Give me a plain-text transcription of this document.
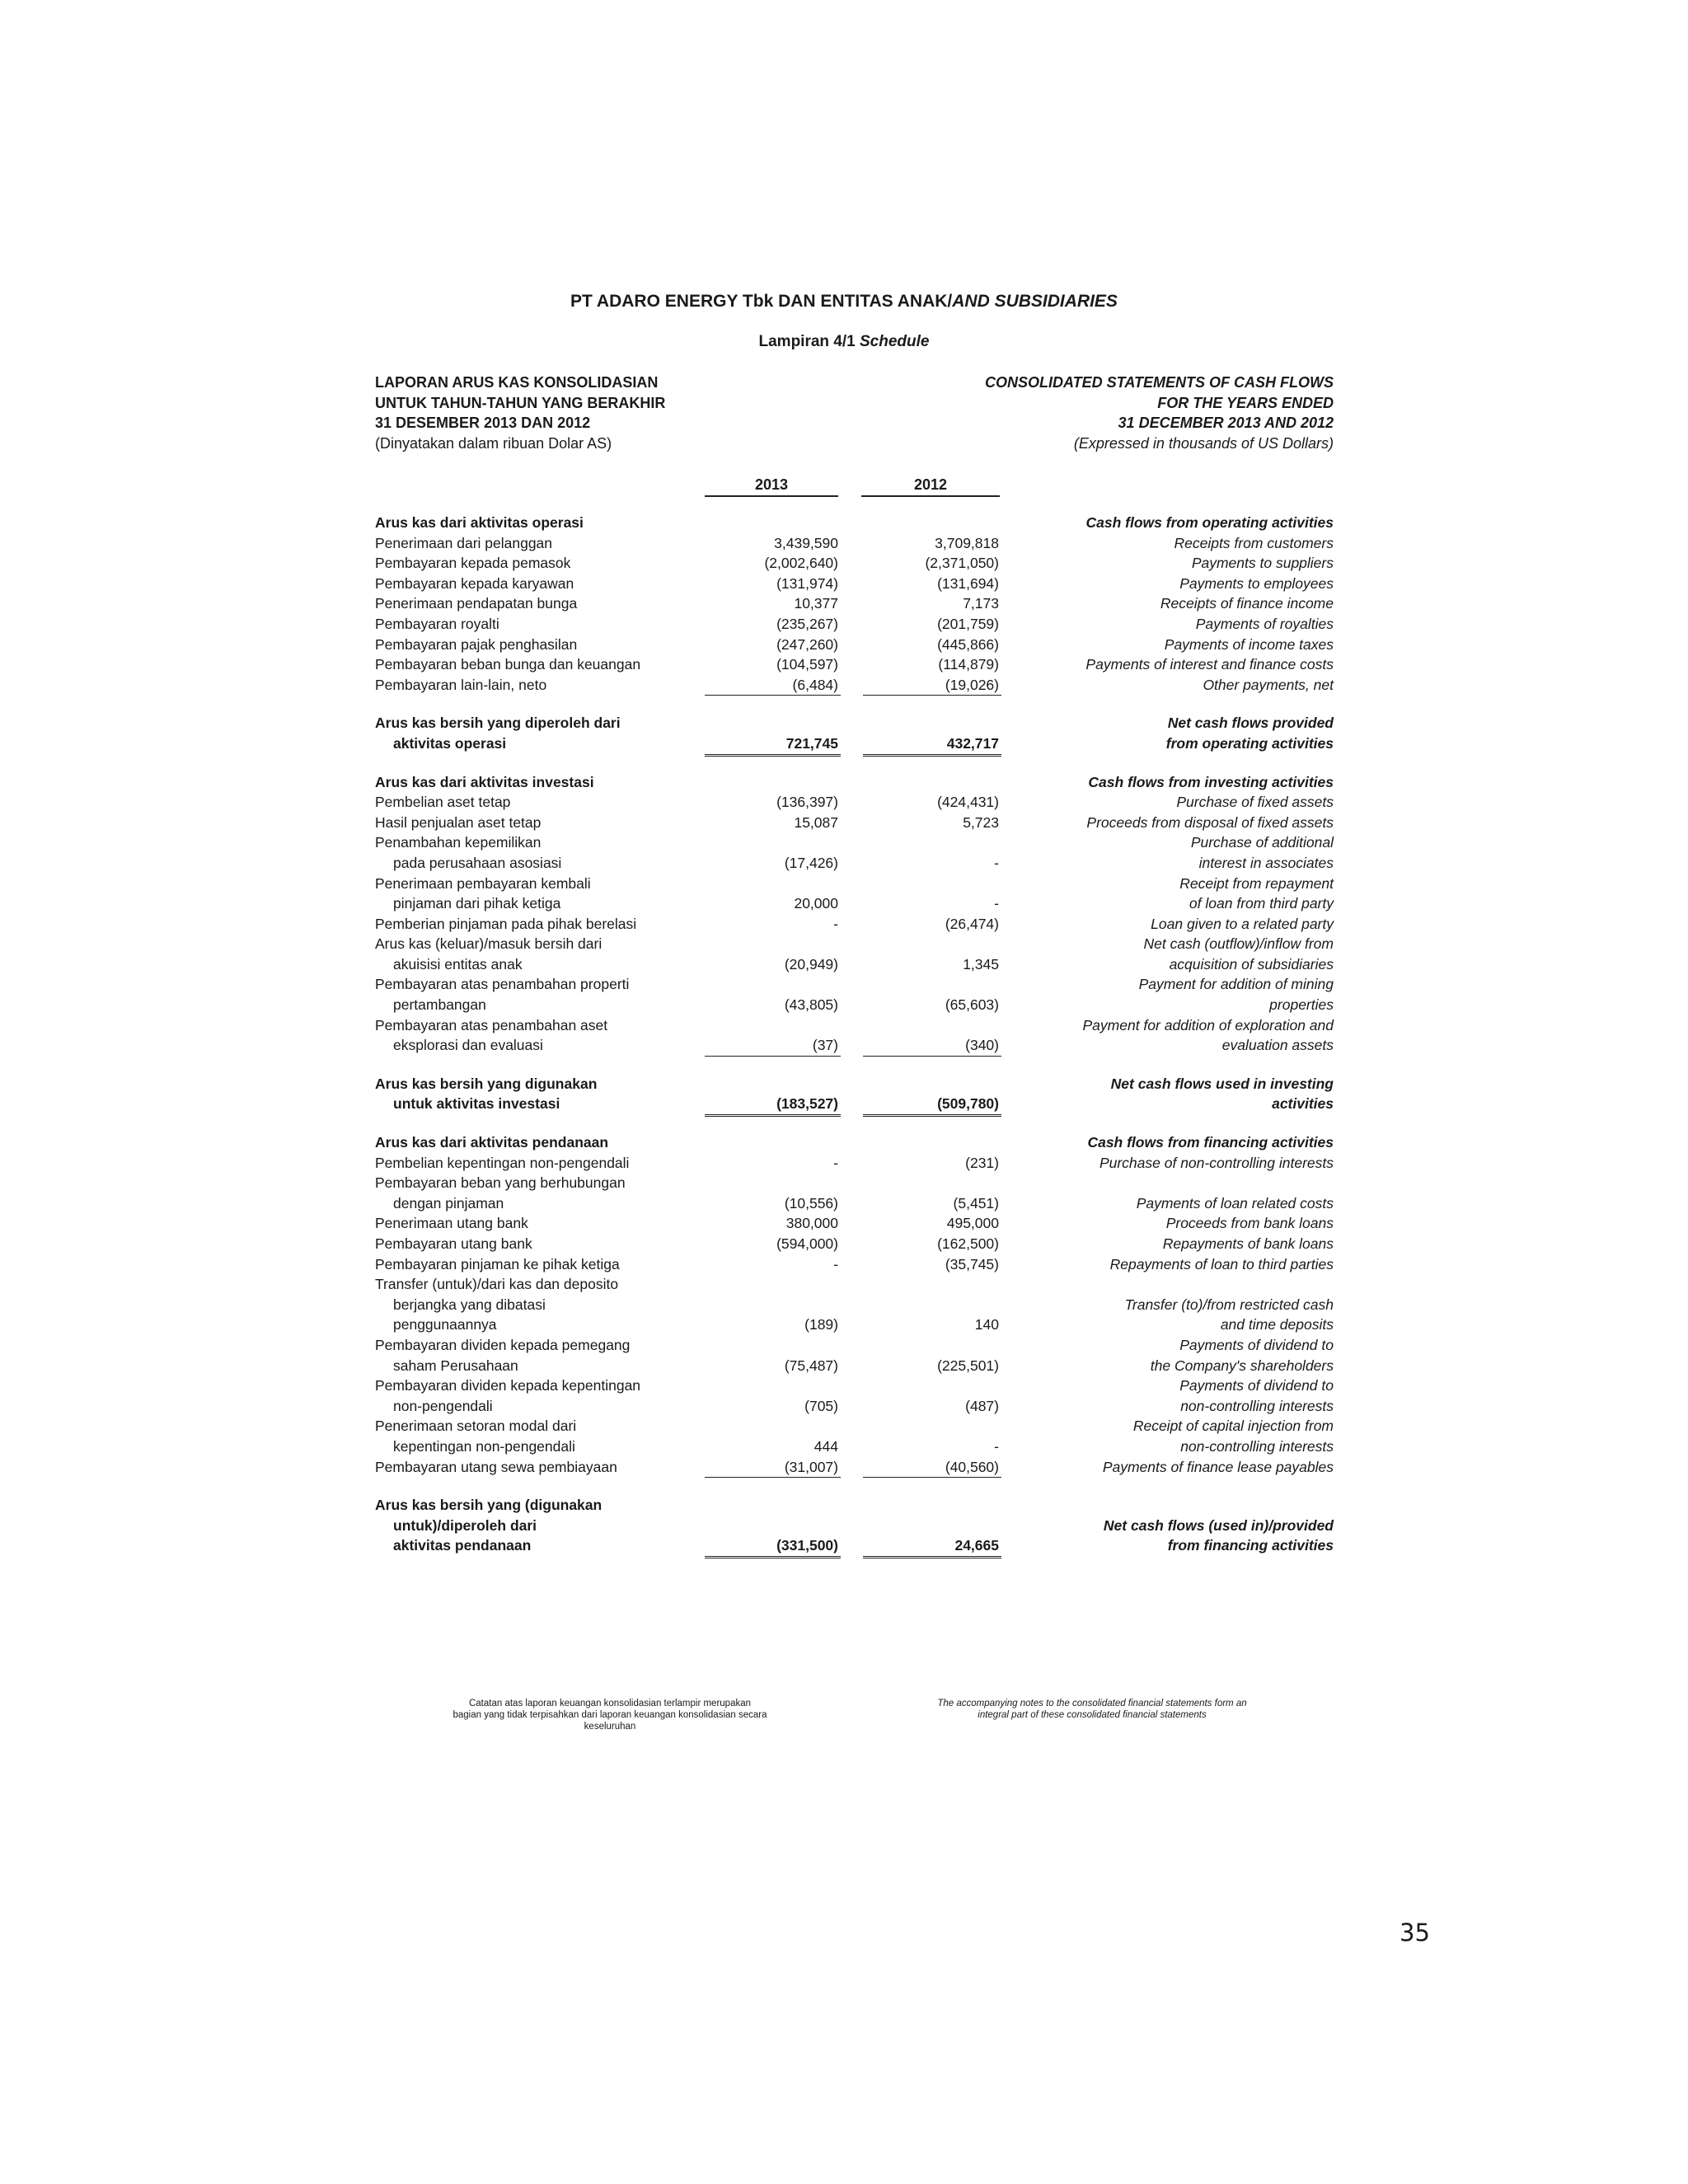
PT ADARO ENERGY Tbk DAN ENTITAS ANAK/AND SUBSIDIARIES
Lampiran 4/1 Schedule
LAPORAN ARUS KAS KONSOLIDASIAN
UNTUK TAHUN-TAHUN YANG BERAKHIR
31 DESEMBER 2013 DAN 2012
(Dinyatakan dalam ribuan Dolar AS)
CONSOLIDATED STATEMENTS OF CASH FLOWS
FOR THE YEARS ENDED
31 DECEMBER 2013 AND 2012
(Expressed in thousands of US Dollars)
2013	2012
Arus kas dari aktivitas operasi	Cash flows from operating activities
Penerimaan dari pelanggan	3,439,590	3,709,818	Receipts from customers
Pembayaran kepada pemasok	(2,002,640)	(2,371,050)	Payments to suppliers
Pembayaran kepada karyawan	(131,974)	(131,694)	Payments to employees
Penerimaan pendapatan bunga	10,377	7,173	Receipts of finance income
Pembayaran royalti	(235,267)	(201,759)	Payments of royalties
Pembayaran pajak penghasilan	(247,260)	(445,866)	Payments of income taxes
Pembayaran beban bunga dan keuangan	(104,597)	(114,879)	Payments of interest and finance costs
Pembayaran lain-lain, neto	(6,484)	(19,026)	Other payments, net
Arus kas bersih yang diperoleh dari	Net cash flows provided
aktivitas operasi	721,745	432,717	from operating activities
Arus kas dari aktivitas investasi	Cash flows from investing activities
Pembelian aset tetap	(136,397)	(424,431)	Purchase of fixed assets
Hasil penjualan aset tetap	15,087	5,723	Proceeds from disposal of fixed assets
Penambahan kepemilikan	Purchase of additional
pada perusahaan asosiasi	(17,426)	-	interest in associates
Penerimaan pembayaran kembali	Receipt from repayment
pinjaman dari pihak ketiga	20,000	-	of loan from third party
Pemberian pinjaman pada pihak berelasi	-	(26,474)	Loan given to a related party
Arus kas (keluar)/masuk bersih dari	Net cash (outflow)/inflow from
akuisisi entitas anak	(20,949)	1,345	acquisition of subsidiaries
Pembayaran atas penambahan properti	Payment for addition of mining
pertambangan	(43,805)	(65,603)	properties
Pembayaran atas penambahan aset	Payment for addition of exploration and
eksplorasi dan evaluasi	(37)	(340)	evaluation assets
Arus kas bersih yang digunakan	Net cash flows used in investing
untuk aktivitas investasi	(183,527)	(509,780)	activities
Arus kas dari aktivitas pendanaan	Cash flows from financing activities
Pembelian kepentingan non-pengendali	-	(231)	Purchase of non-controlling interests
Pembayaran beban yang berhubungan
dengan pinjaman	(10,556)	(5,451)	Payments of loan related costs
Penerimaan utang bank	380,000	495,000	Proceeds from bank loans
Pembayaran utang bank	(594,000)	(162,500)	Repayments of bank loans
Pembayaran pinjaman ke pihak ketiga	-	(35,745)	Repayments of loan to third parties
Transfer (untuk)/dari kas dan deposito
berjangka yang dibatasi	Transfer (to)/from restricted cash
penggunaannya	(189)	140	and time deposits
Pembayaran dividen kepada pemegang	Payments of dividend to
saham Perusahaan	(75,487)	(225,501)	the Company's shareholders
Pembayaran dividen kepada kepentingan	Payments of dividend to
non-pengendali	(705)	(487)	non-controlling interests
Penerimaan setoran modal dari	Receipt of capital injection from
kepentingan non-pengendali	444	-	non-controlling interests
Pembayaran utang sewa pembiayaan	(31,007)	(40,560)	Payments of finance lease payables
Arus kas bersih yang (digunakan
untuk)/diperoleh dari	Net cash flows (used in)/provided
aktivitas pendanaan	(331,500)	24,665	from financing activities
Catatan atas laporan keuangan konsolidasian terlampir merupakan
bagian yang tidak terpisahkan dari laporan keuangan konsolidasian secara
keseluruhan
The accompanying notes to the consolidated financial statements form an
integral part of these consolidated financial statements
35
